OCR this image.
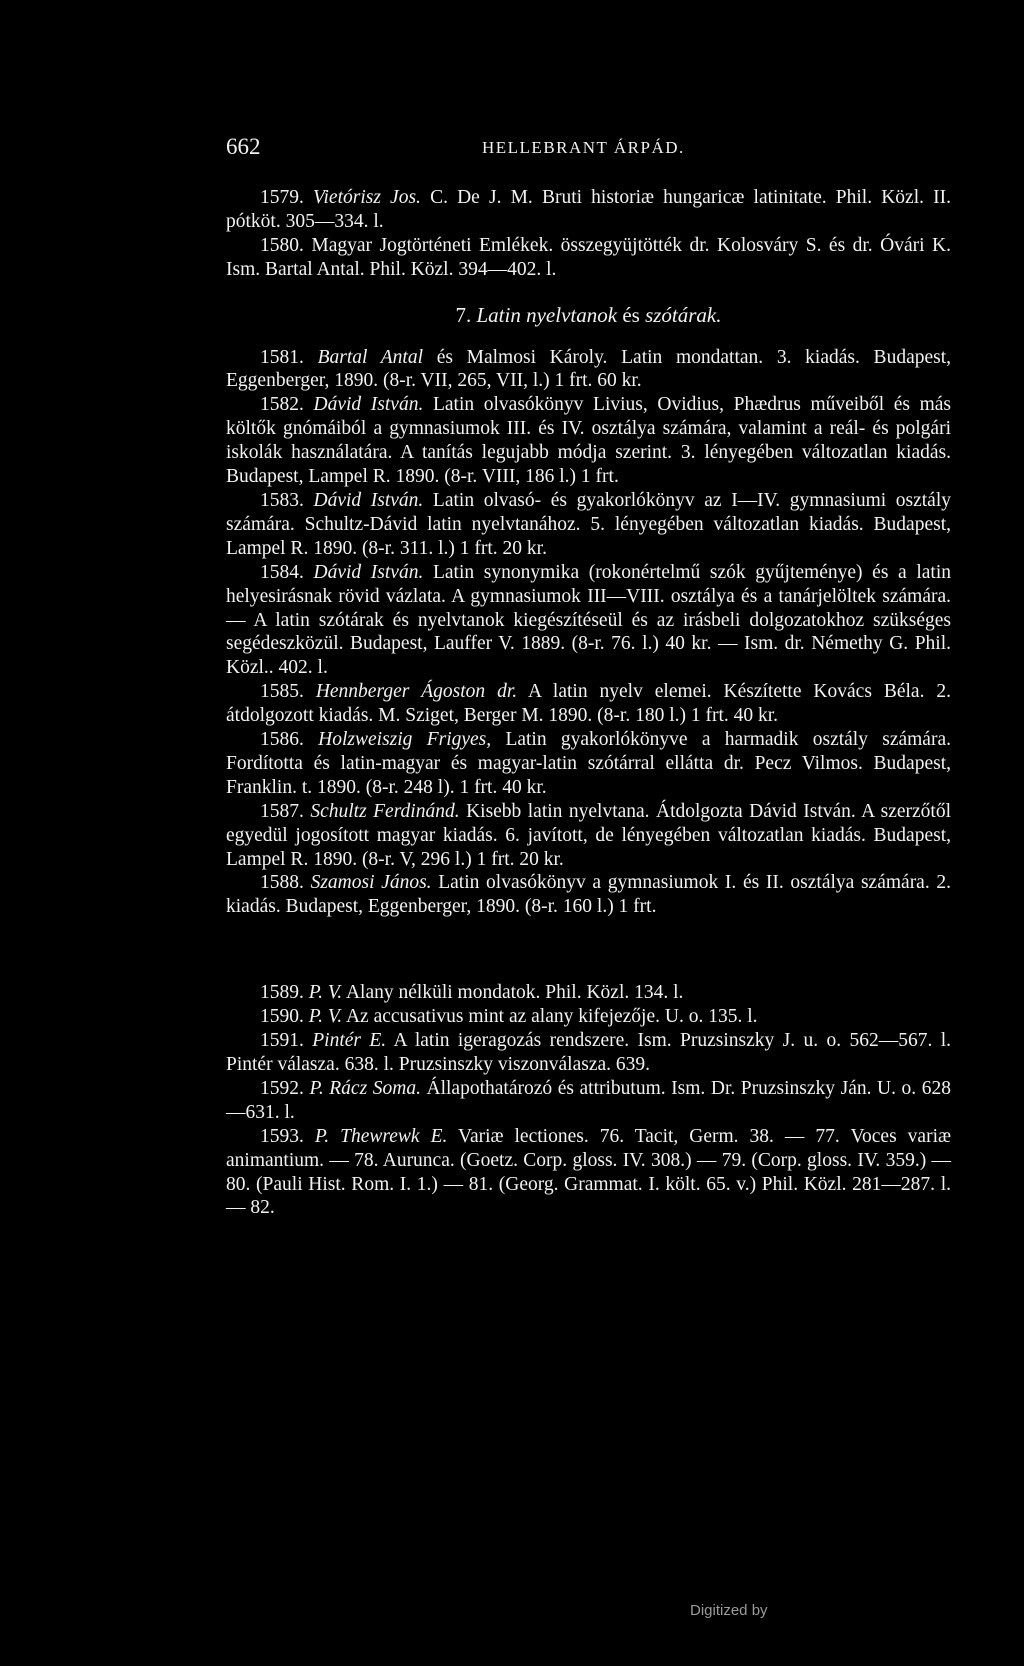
662	HELLEBRANT ÁRPÁD.

1579. Vietórisz Jos. C. De J. M. Bruti historiæ hungaricæ latinitate. Phil. Közl. II. pótköt. 305—334. l.

1580. Magyar Jogtörténeti Emlékek. összegyüjtötték dr. Kolosváry S. és dr. Óvári K. Ism. Bartal Antal. Phil. Közl. 394—402. l.

7. Latin nyelvtanok és szótárak.

1581. Bartal Antal és Malmosi Károly. Latin mondattan. 3. kiadás. Budapest, Eggenberger, 1890. (8-r. VII, 265, VII, l.) 1 frt. 60 kr.

1582. Dávid István. Latin olvasókönyv Livius, Ovidius, Phædrus műveiből és más költők gnómáiból a gymnasiumok III. és IV. osztálya számára, valamint a reál- és polgári iskolák használatára. A tanítás legujabb módja szerint. 3. lényegében változatlan kiadás. Budapest, Lampel R. 1890. (8-r. VIII, 186 l.) 1 frt.

1583. Dávid István. Latin olvasó- és gyakorlókönyv az I—IV. gymnasiumi osztály számára. Schultz-Dávid latin nyelvtanához. 5. lényegében változatlan kiadás. Budapest, Lampel R. 1890. (8-r. 311. l.) 1 frt. 20 kr.

1584. Dávid István. Latin synonymika (rokonértelmű szók gyűjteménye) és a latin helyesirásnak rövid vázlata. A gymnasiumok III—VIII. osztálya és a tanárjelöltek számára. — A latin szótárak és nyelvtanok kiegészítéseül és az irásbeli dolgozatokhoz szükséges segédeszközül. Budapest, Lauffer V. 1889. (8-r. 76. l.) 40 kr. — Ism. dr. Némethy G. Phil. Közl.. 402. l.

1585. Hennberger Ágoston dr. A latin nyelv elemei. Készítette Kovács Béla. 2. átdolgozott kiadás. M. Sziget, Berger M. 1890. (8-r. 180 l.) 1 frt. 40 kr.

1586. Holzweiszig Frigyes, Latin gyakorlókönyve a harmadik osztály számára. Fordította és latin-magyar és magyar-latin szótárral ellátta dr. Pecz Vilmos. Budapest, Franklin. t. 1890. (8-r. 248 l). 1 frt. 40 kr.

1587. Schultz Ferdinánd. Kisebb latin nyelvtana. Átdolgozta Dávid István. A szerzőtől egyedül jogosított magyar kiadás. 6. javított, de lényegében változatlan kiadás. Budapest, Lampel R. 1890. (8-r. V, 296 l.) 1 frt. 20 kr.

1588. Szamosi János. Latin olvasókönyv a gymnasiumok I. és II. osztálya számára. 2. kiadás. Budapest, Eggenberger, 1890. (8-r. 160 l.) 1 frt.

1589. P. V. Alany nélküli mondatok. Phil. Közl. 134. l.

1590. P. V. Az accusativus mint az alany kifejezője. U. o. 135. l.

1591. Pintér E. A latin igeragozás rendszere. Ism. Pruzsinszky J. u. o. 562—567. l. Pintér válasza. 638. l. Pruzsinszky viszonválasza. 639.

1592. P. Rácz Soma. Állapothatározó és attributum. Ism. Dr. Pruzsinszky Ján. U. o. 628—631. l.

1593. P. Thewrewk E. Variæ lectiones. 76. Tacit, Germ. 38. — 77. Voces variæ animantium. — 78. Aurunca. (Goetz. Corp. gloss. IV. 308.) — 79. (Corp. gloss. IV. 359.) — 80. (Pauli Hist. Rom. I. 1.) — 81. (Georg. Grammat. I. költ. 65. v.) Phil. Közl. 281—287. l. — 82.

Digitized by
